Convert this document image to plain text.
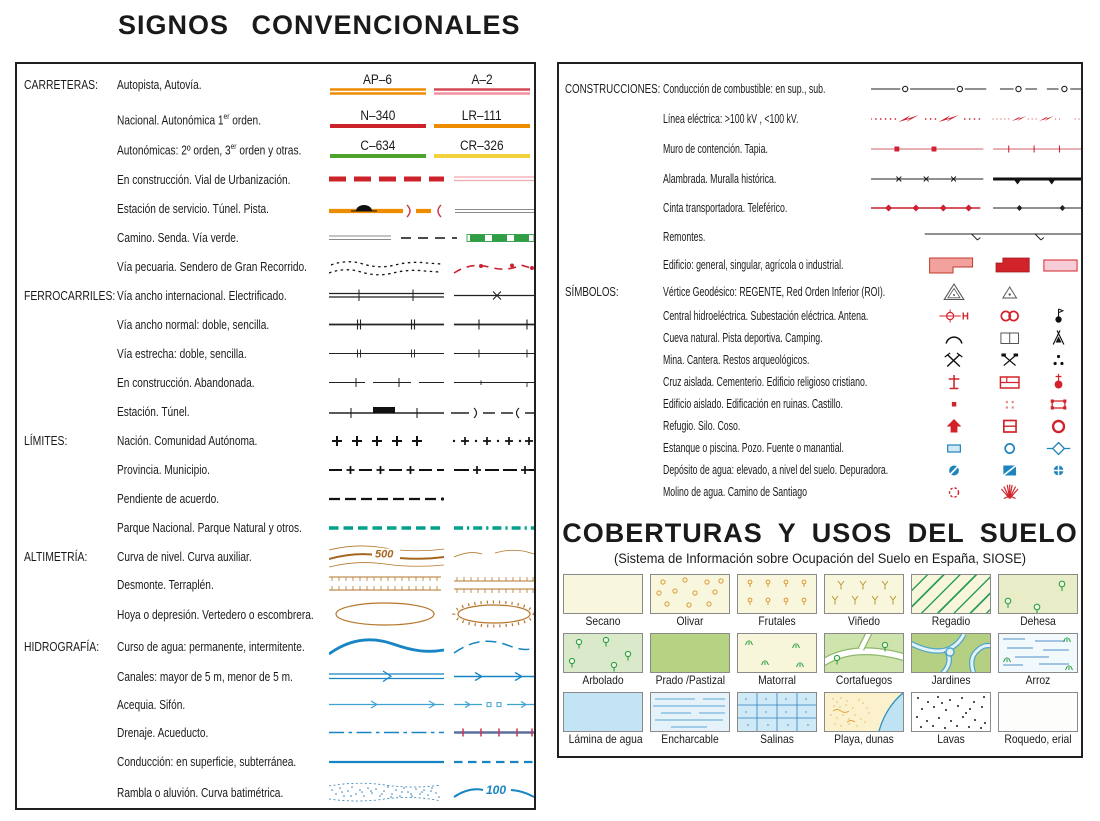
SIGNOS CONVENCIONALES
CARRETERAS:	Autopista, Autovía.	AP–6	A–2
Nacional. Autonómica 1er orden.	N–340	LR–111
Autonómicas: 2º orden, 3er orden y otras.	C–634	CR–326
En construcción. Vial de Urbanización.
Estación de servicio. Túnel. Pista.
Camino. Senda. Vía verde.
Vía pecuaria. Sendero de Gran Recorrido.
FERROCARRILES: Vía ancho internacional. Electrificado.
Vía ancho normal: doble, sencilla.
Vía estrecha: doble, sencilla.
En construcción. Abandonada.
Estación. Túnel.
LÍMITES:	Nación. Comunidad Autónoma.
Provincia. Municipio.
Pendiente de acuerdo.
Parque Nacional. Parque Natural y otros.
ALTIMETRÍA:	Curva de nivel. Curva auxiliar.	500
Desmonte. Terraplén.
Hoya o depresión. Vertedero o escombrera.
HIDROGRAFÍA:	Curso de agua: permanente, intermitente.
Canales: mayor de 5 m, menor de 5 m.
Acequia. Sifón.
Drenaje. Acueducto.
Conducción: en superficie, subterránea.
Rambla o aluvión. Curva batimétrica.	100
CONSTRUCCIONES: Conducción de combustible: en sup., sub.
Línea eléctrica: >100 kV , <100 kV.
Muro de contención. Tapia.
Alambrada. Muralla histórica.
Cinta transportadora. Teleférico.
Remontes.
Edificio: general, singular, agrícola o industrial.
SÍMBOLOS:	Vértice Geodésico: REGENTE, Red Orden Inferior (ROI).
Central hidroeléctrica. Subestación eléctrica. Antena.	H
Cueva natural. Pista deportiva. Camping.
Mina. Cantera. Restos arqueológicos.
Cruz aislada. Cementerio. Edificio religioso cristiano.
Edificio aislado. Edificación en ruinas. Castillo.
Refugio. Silo. Coso.
Estanque o piscina. Pozo. Fuente o manantial.
Depósito de agua: elevado, a nivel del suelo. Depuradora.
Molino de agua. Camino de Santiago
COBERTURAS Y USOS DEL SUELO
(Sistema de Información sobre Ocupación del Suelo en España, SIOSE)
Secano	Olivar	Frutales	Viñedo	Regadio	Dehesa
Arbolado	Prado /Pastizal	Matorral	Cortafuegos	Jardines	Arroz
Lámina de agua	Encharcable	Salinas	Playa, dunas	Lavas	Roquedo, erial
